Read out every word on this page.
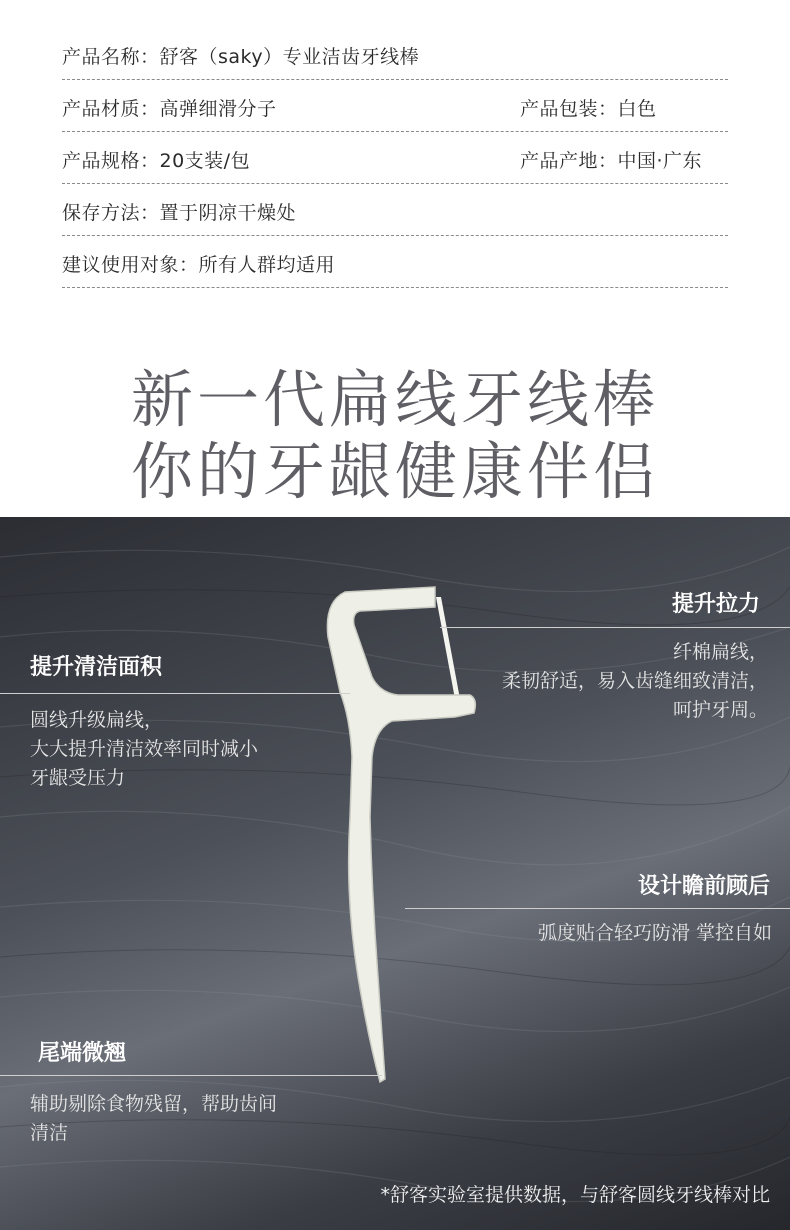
产品名称：舒客（saky）专业洁齿牙线棒
产品材质：高弹细滑分子	产品包装：白色
产品规格：20支装/包	产品产地：中国·广东
保存方法：置于阴凉干燥处
建议使用对象：所有人群均适用
新一代扁线牙线棒
你的牙龈健康伴侣
提升清洁面积
圆线升级扁线，
大大提升清洁效率同时减小
牙龈受压力
提升拉力
纤棉扁线，
柔韧舒适，易入齿缝细致清洁，
呵护牙周。
设计瞻前顾后
弧度贴合轻巧防滑 掌控自如
尾端微翘
辅助剔除食物残留，帮助齿间
清洁
*舒客实验室提供数据，与舒客圆线牙线棒对比
